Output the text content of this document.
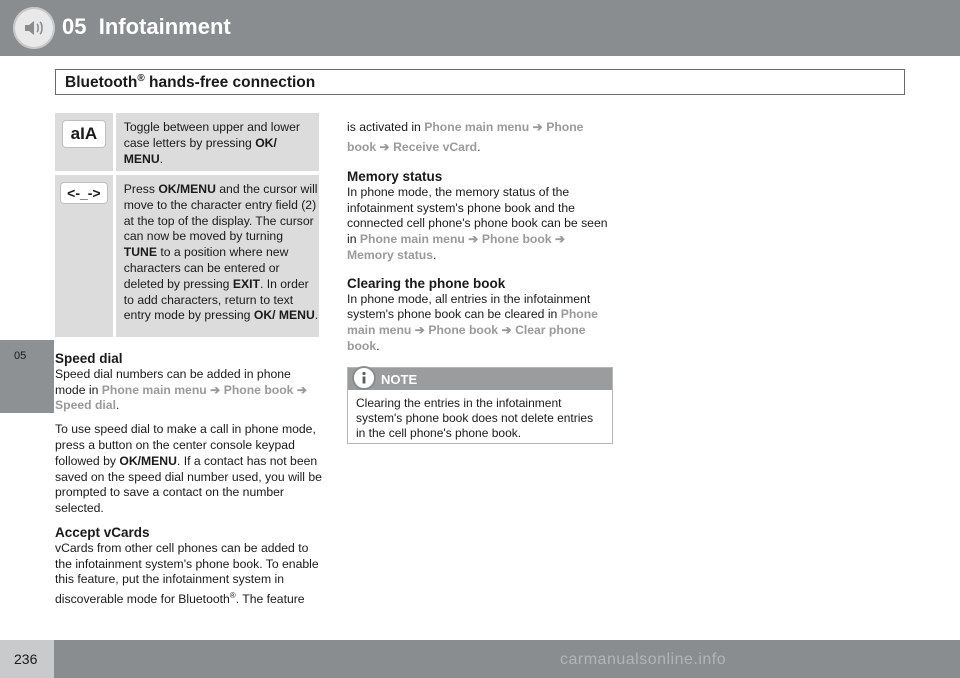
05 Infotainment
Bluetooth® hands-free connection
05
aIA	Toggle between upper and lower case letters by pressing OK/ MENU.
<-_->	Press OK/MENU and the cursor will move to the character entry field (2) at the top of the display. The cursor can now be moved by turning TUNE to a position where new characters can be entered or deleted by pressing EXIT. In order to add characters, return to text entry mode by pressing OK/ MENU.

Speed dial

Speed dial numbers can be added in phone mode in Phone main menu ➔ Phone book ➔ Speed dial.

To use speed dial to make a call in phone mode, press a button on the center console keypad followed by OK/MENU. If a contact has not been saved on the speed dial number used, you will be prompted to save a contact on the number selected.

Accept vCards

vCards from other cell phones can be added to the infotainment system's phone book. To enable this feature, put the infotainment system in discoverable mode for Bluetooth®. The feature

is activated in Phone main menu ➔ Phone book ➔ Receive vCard.

Memory status

In phone mode, the memory status of the infotainment system's phone book and the connected cell phone's phone book can be seen in Phone main menu ➔ Phone book ➔ Memory status.

Clearing the phone book

In phone mode, all entries in the infotainment system's phone book can be cleared in Phone main menu ➔ Phone book ➔ Clear phone book.

NOTE
Clearing the entries in the infotainment system's phone book does not delete entries in the cell phone's phone book.
236	carmanualsonline.info
